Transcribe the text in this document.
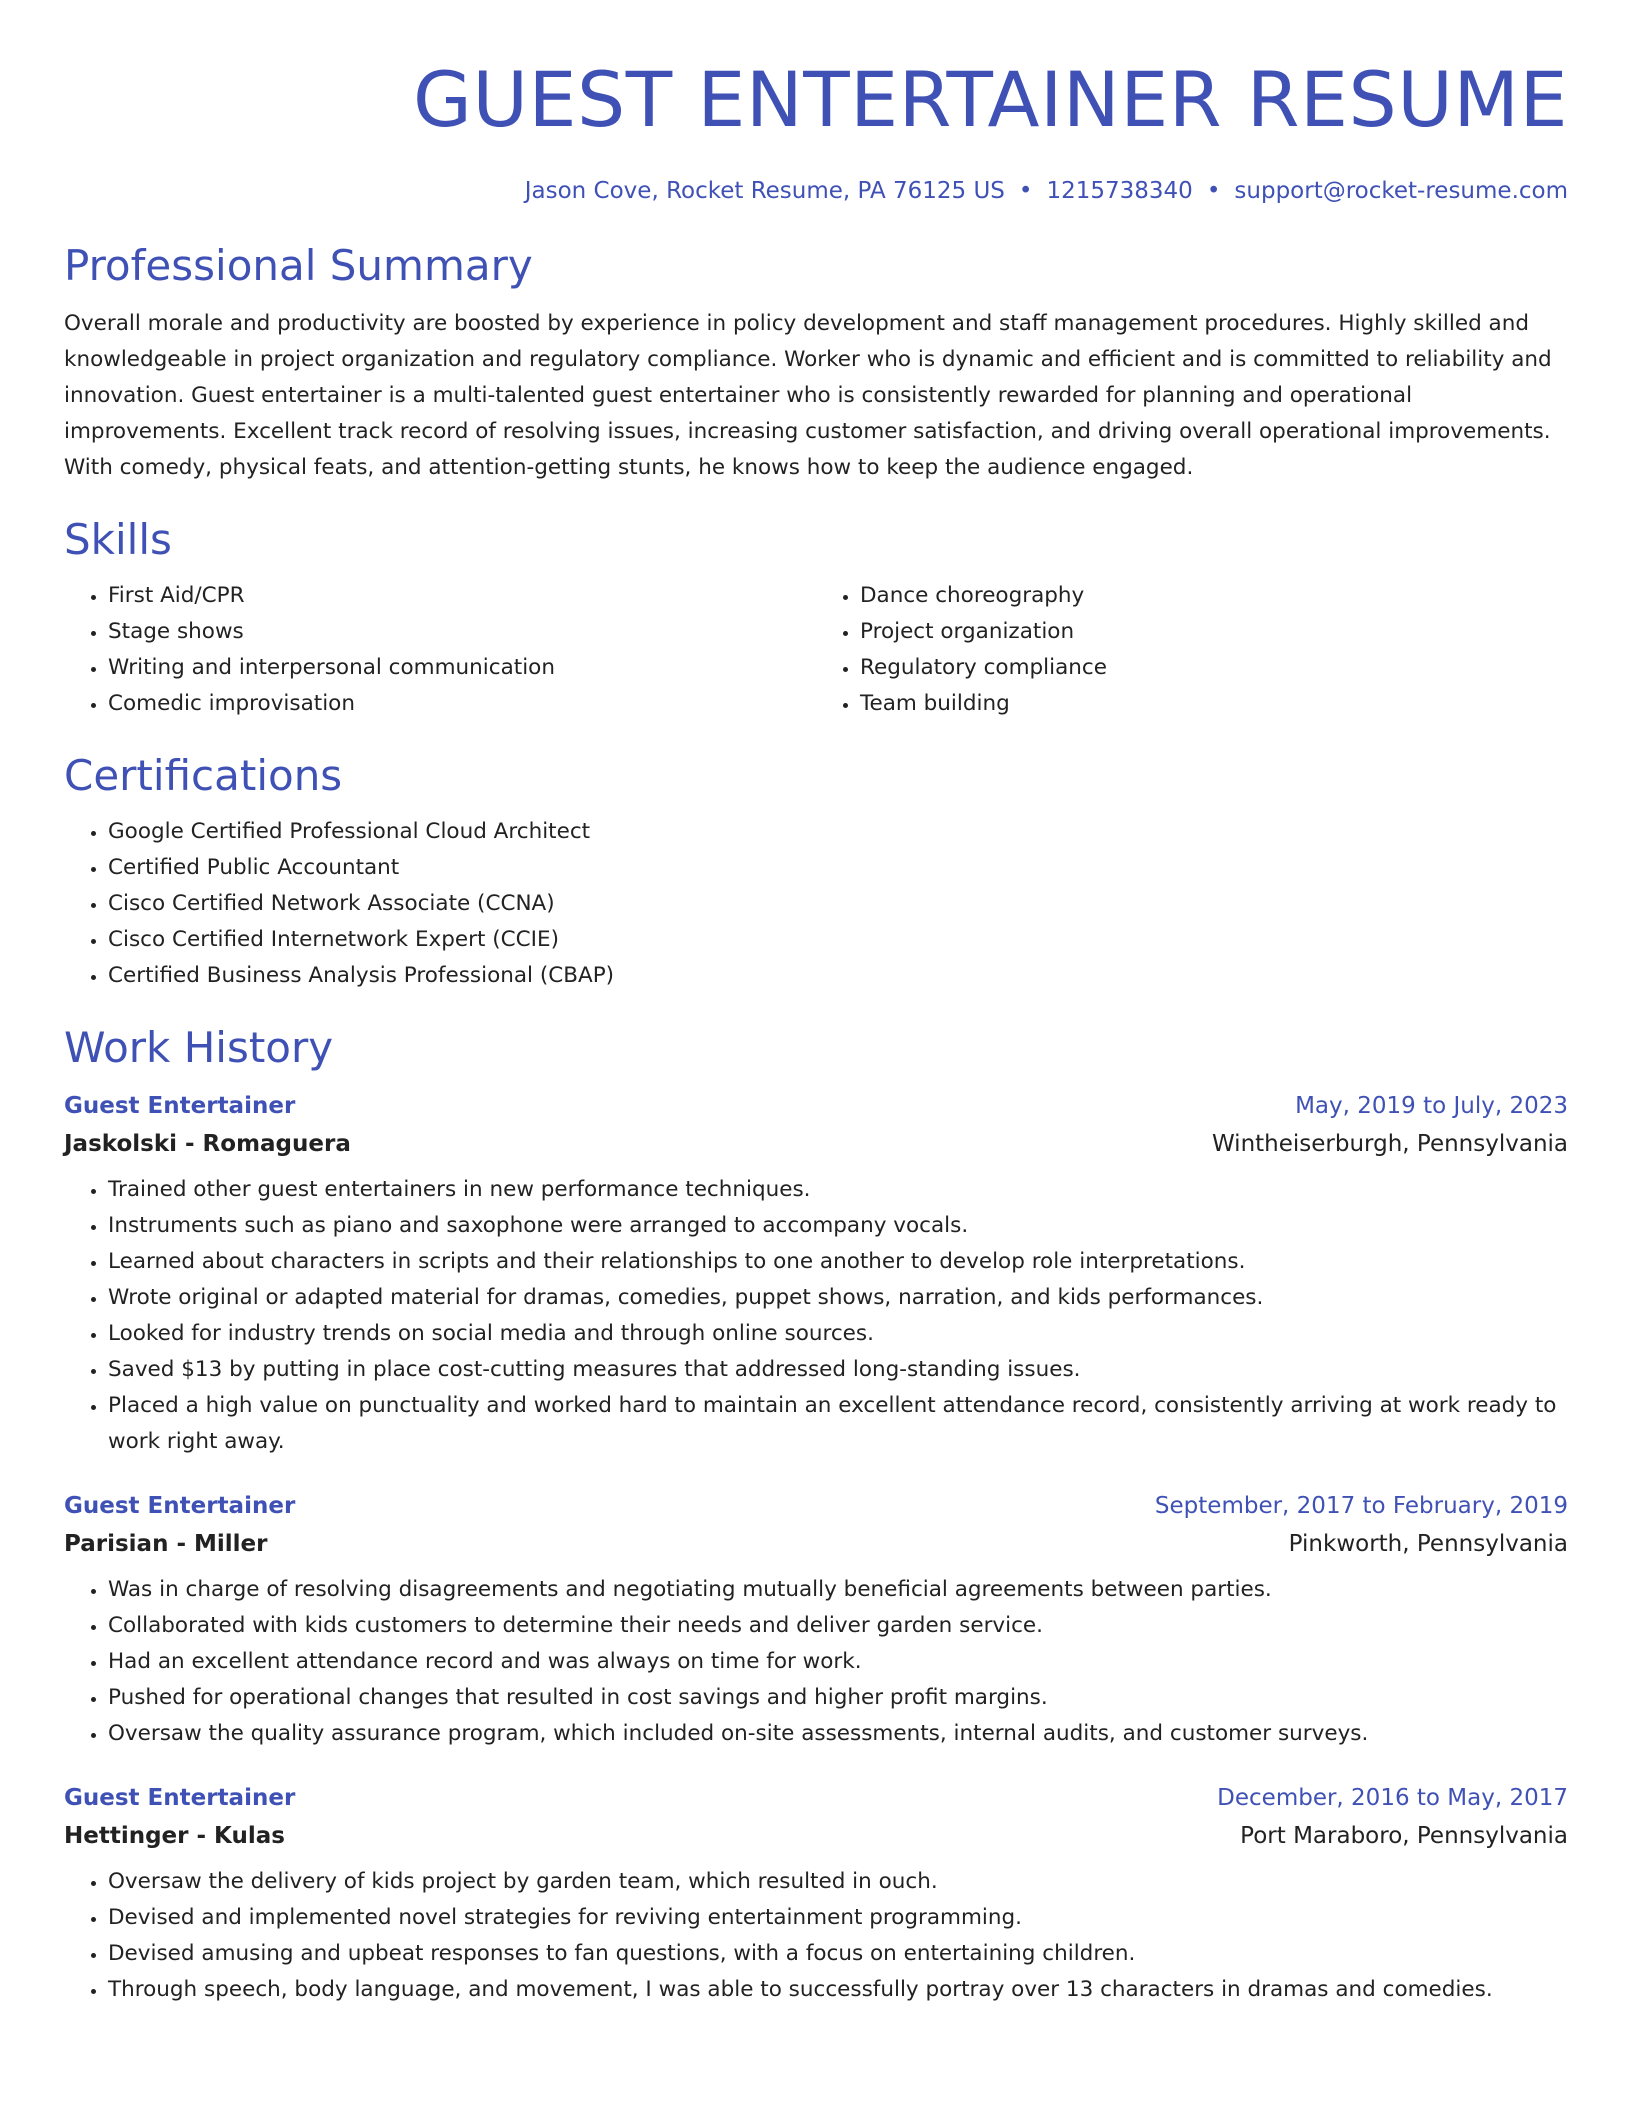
GUEST ENTERTAINER RESUME
Jason Cove, Rocket Resume, PA 76125 US • 1215738340 • support@rocket-resume.com
Professional Summary

Overall morale and productivity are boosted by experience in policy development and staff management procedures. Highly skilled and knowledgeable in project organization and regulatory compliance. Worker who is dynamic and efficient and is committed to reliability and innovation. Guest entertainer is a multi-talented guest entertainer who is consistently rewarded for planning and operational improvements. Excellent track record of resolving issues, increasing customer satisfaction, and driving overall operational improvements. With comedy, physical feats, and attention-getting stunts, he knows how to keep the audience engaged.

Skills
• First Aid/CPR
• Stage shows
• Writing and interpersonal communication
• Comedic improvisation
• Dance choreography
• Project organization
• Regulatory compliance
• Team building
Certifications
• Google Certified Professional Cloud Architect
• Certified Public Accountant
• Cisco Certified Network Associate (CCNA)
• Cisco Certified Internetwork Expert (CCIE)
• Certified Business Analysis Professional (CBAP)
Work History
Guest Entertainer	May, 2019 to July, 2023
Jaskolski - Romaguera	Wintheiserburgh, Pennsylvania
• Trained other guest entertainers in new performance techniques.
• Instruments such as piano and saxophone were arranged to accompany vocals.
• Learned about characters in scripts and their relationships to one another to develop role interpretations.
• Wrote original or adapted material for dramas, comedies, puppet shows, narration, and kids performances.
• Looked for industry trends on social media and through online sources.
• Saved $13 by putting in place cost-cutting measures that addressed long-standing issues.
• Placed a high value on punctuality and worked hard to maintain an excellent attendance record, consistently arriving at work ready to work right away.
Guest Entertainer	September, 2017 to February, 2019
Parisian - Miller	Pinkworth, Pennsylvania
• Was in charge of resolving disagreements and negotiating mutually beneficial agreements between parties.
• Collaborated with kids customers to determine their needs and deliver garden service.
• Had an excellent attendance record and was always on time for work.
• Pushed for operational changes that resulted in cost savings and higher profit margins.
• Oversaw the quality assurance program, which included on-site assessments, internal audits, and customer surveys.
Guest Entertainer	December, 2016 to May, 2017
Hettinger - Kulas	Port Maraboro, Pennsylvania
• Oversaw the delivery of kids project by garden team, which resulted in ouch.
• Devised and implemented novel strategies for reviving entertainment programming.
• Devised amusing and upbeat responses to fan questions, with a focus on entertaining children.
• Through speech, body language, and movement, I was able to successfully portray over 13 characters in dramas and comedies.
